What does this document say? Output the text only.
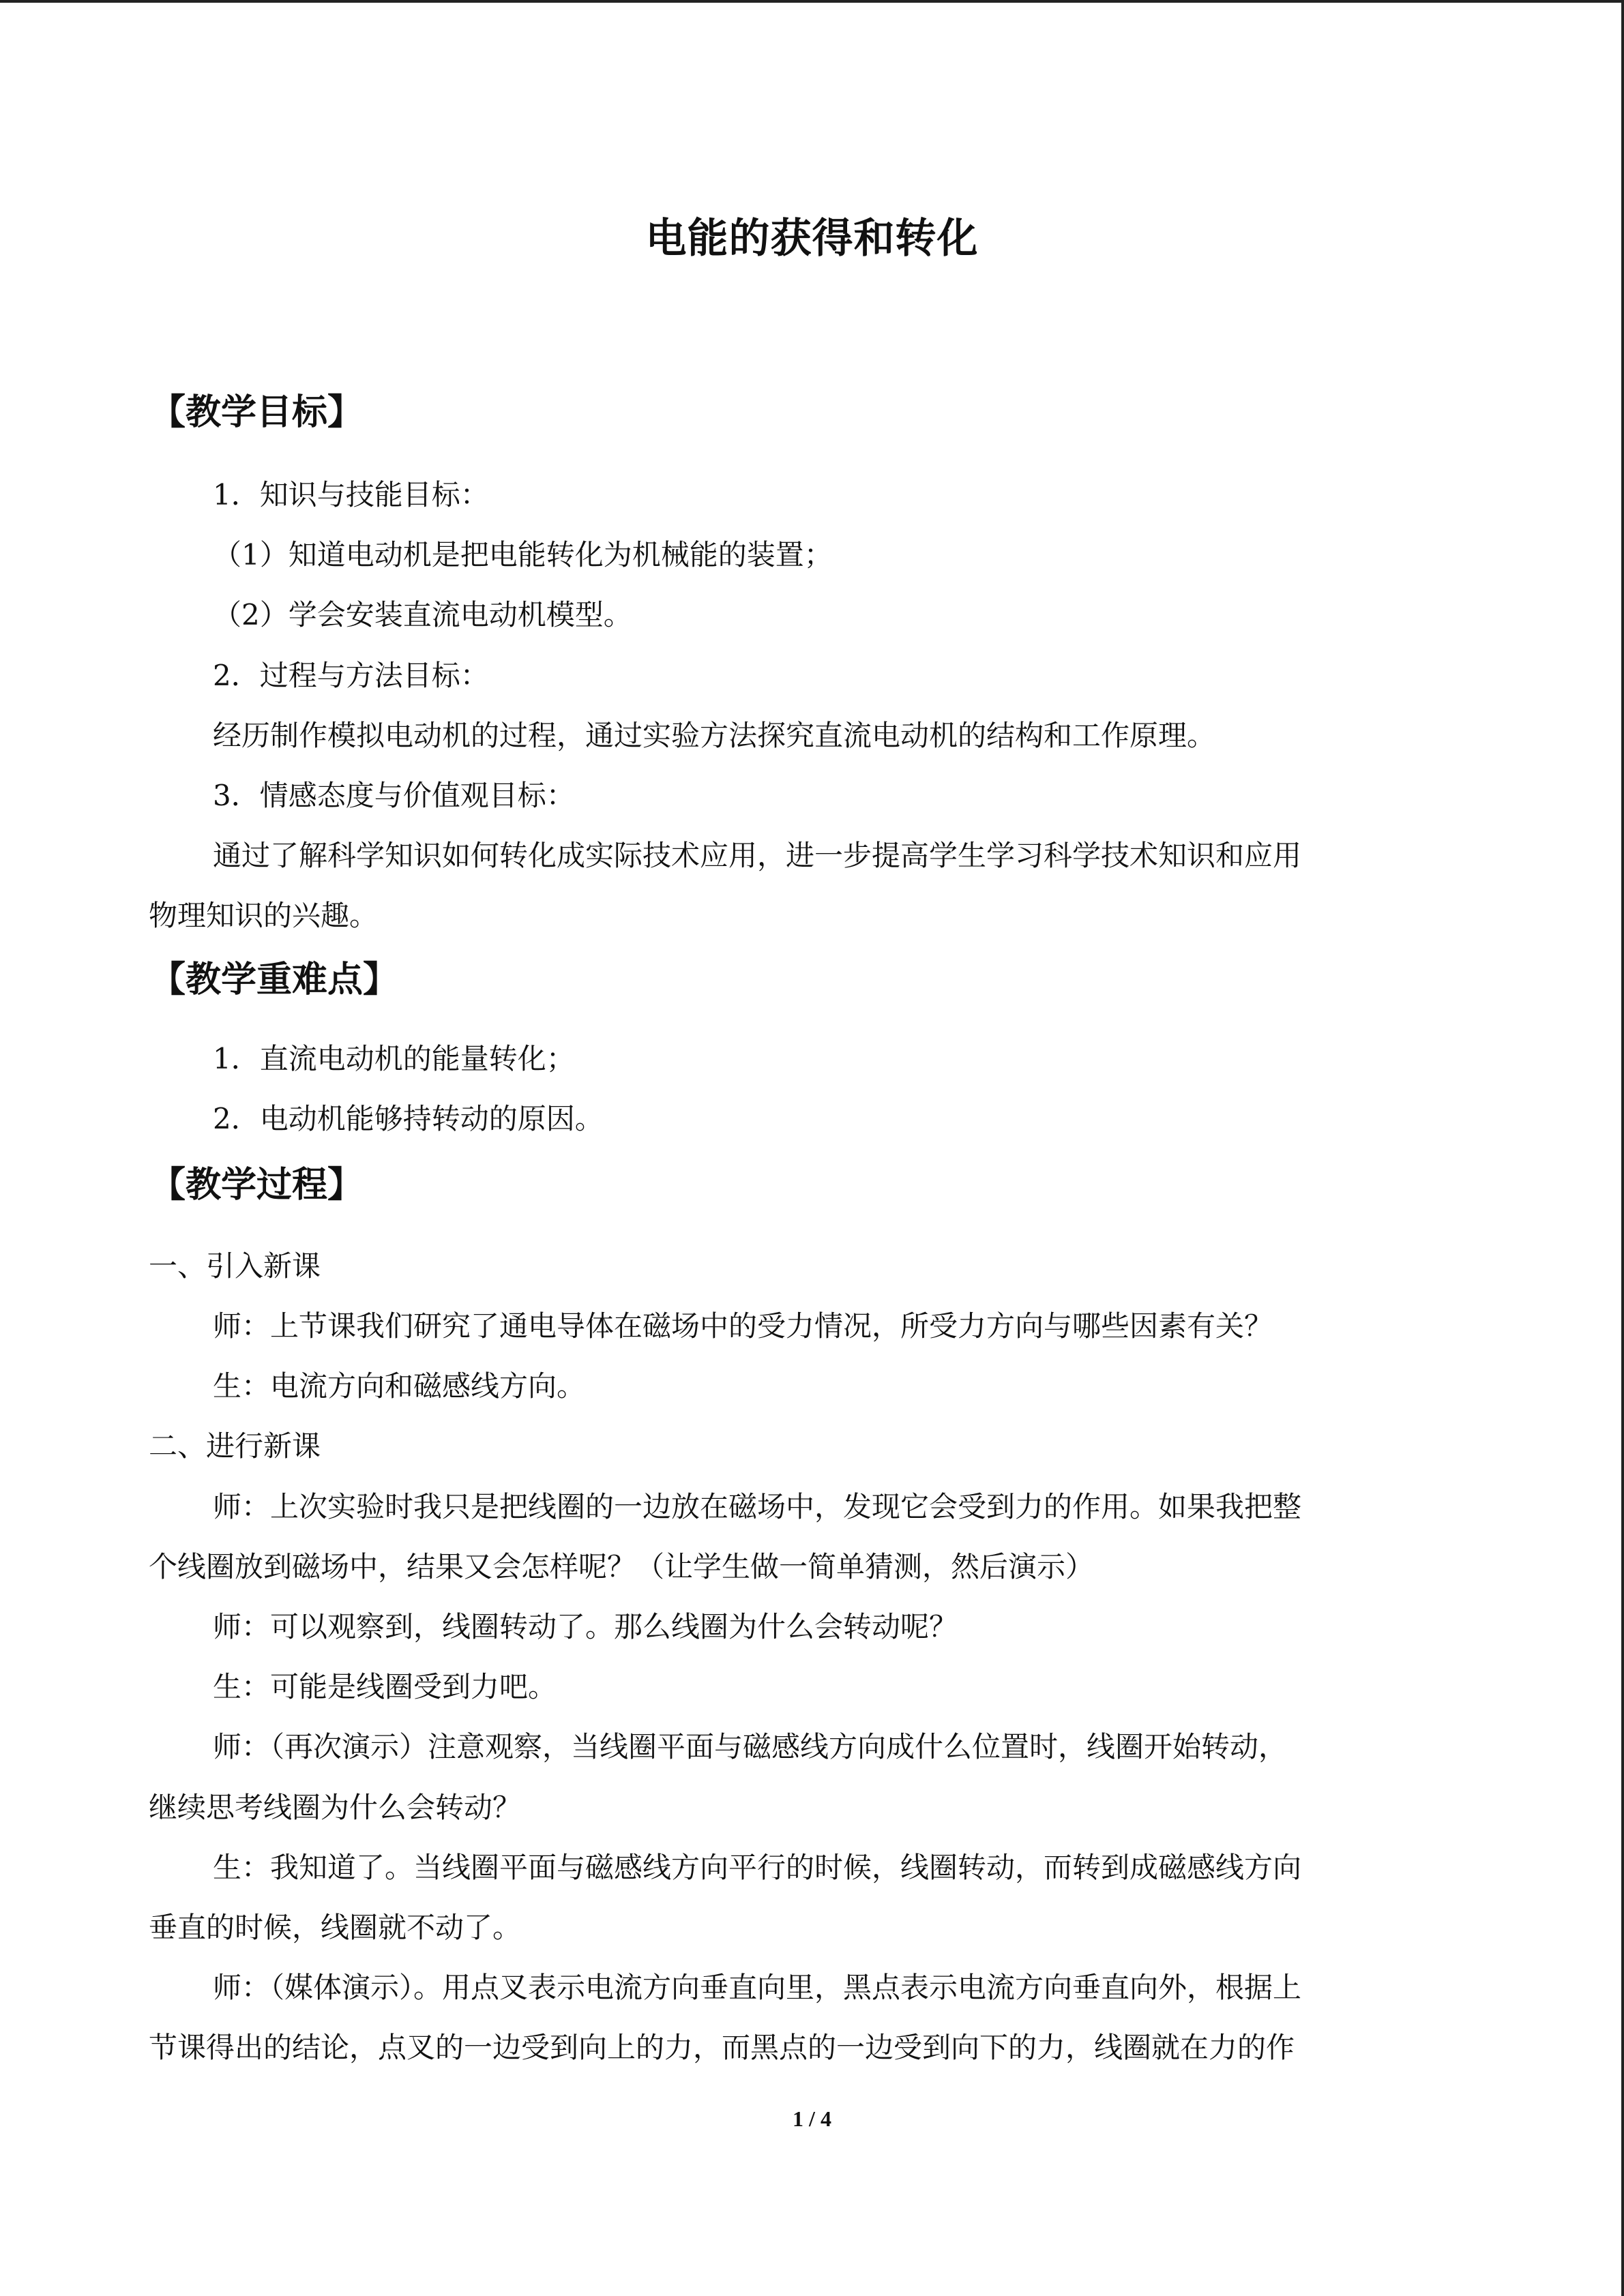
电能的获得和转化
【教学目标】
1．知识与技能目标：
（1）知道电动机是把电能转化为机械能的装置；
（2）学会安装直流电动机模型。
2．过程与方法目标：
经历制作模拟电动机的过程，通过实验方法探究直流电动机的结构和工作原理。
3．情感态度与价值观目标：
通过了解科学知识如何转化成实际技术应用，进一步提高学生学习科学技术知识和应用
物理知识的兴趣。
【教学重难点】
1．直流电动机的能量转化；
2．电动机能够持转动的原因。
【教学过程】
一、引入新课
师：上节课我们研究了通电导体在磁场中的受力情况，所受力方向与哪些因素有关？
生：电流方向和磁感线方向。
二、进行新课
师：上次实验时我只是把线圈的一边放在磁场中，发现它会受到力的作用。如果我把整
个线圈放到磁场中，结果又会怎样呢？（让学生做一简单猜测，然后演示）
师：可以观察到，线圈转动了。那么线圈为什么会转动呢？
生：可能是线圈受到力吧。
师：（再次演示）注意观察，当线圈平面与磁感线方向成什么位置时，线圈开始转动，
继续思考线圈为什么会转动？
生：我知道了。当线圈平面与磁感线方向平行的时候，线圈转动，而转到成磁感线方向
垂直的时候，线圈就不动了。
师：（媒体演示）。用点叉表示电流方向垂直向里，黑点表示电流方向垂直向外，根据上
节课得出的结论，点叉的一边受到向上的力，而黑点的一边受到向下的力，线圈就在力的作
1 / 4
